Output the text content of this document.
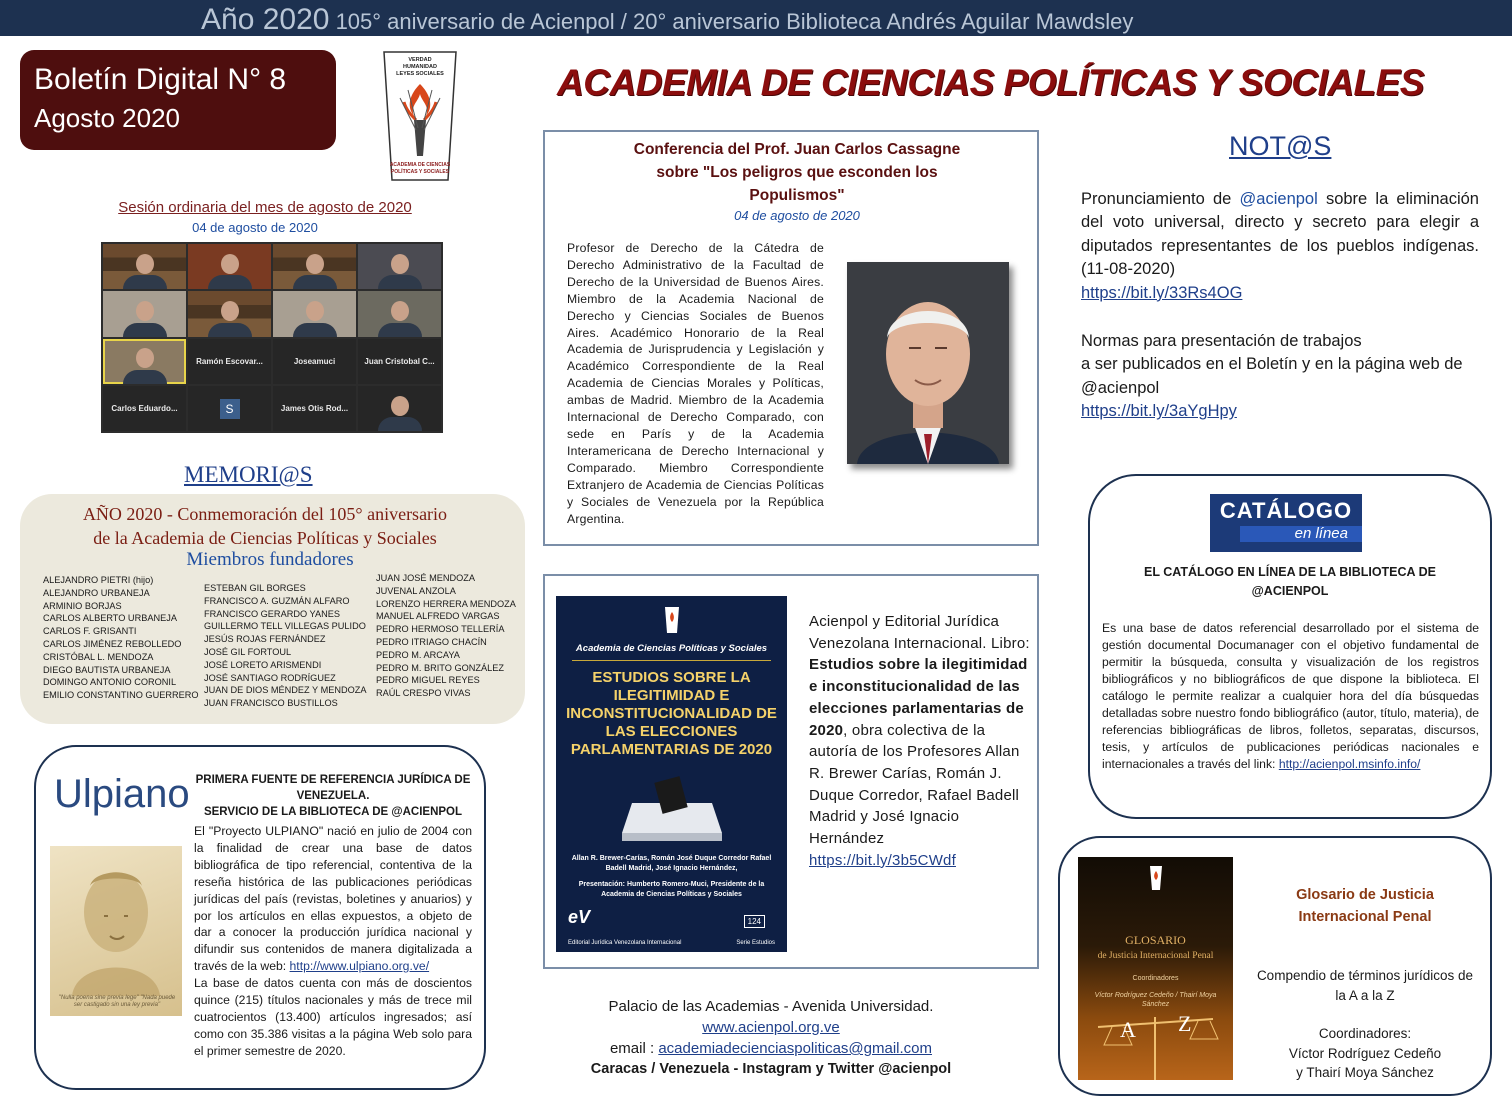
Año 2020 105° aniversario de Acienpol / 20° aniversario Biblioteca Andrés Aguilar Mawdsley
Boletín Digital N° 8
Agosto 2020
VERDAD
HUMANIDAD
LEYES SOCIALES
ACADEMIA DE CIENCIAS
POLÍTICAS Y SOCIALES
ACADEMIA DE CIENCIAS POLÍTICAS Y SOCIALES
Sesión ordinaria del mes de agosto de 2020
04 de agosto de 2020
Ramón Escovar...	Joseamuci	Juan Cristobal C...
Carlos Eduardo...	S	James Otis Rod...
MEMORI@S
AÑO 2020 - Conmemoración del 105° aniversario
de la Academia de Ciencias Políticas y Sociales
Miembros fundadores
ALEJANDRO PIETRI (hijo)
ALEJANDRO URBANEJA
ARMINIO BORJAS
CARLOS ALBERTO URBANEJA
CARLOS F. GRISANTI
CARLOS JIMÉNEZ REBOLLEDO
CRISTÓBAL L. MENDOZA
DIEGO BAUTISTA URBANEJA
DOMINGO ANTONIO CORONIL
EMILIO CONSTANTINO GUERRERO
ESTEBAN GIL BORGES
FRANCISCO A. GUZMÁN ALFARO
FRANCISCO GERARDO YANES
GUILLERMO TELL VILLEGAS PULIDO
JESÚS ROJAS FERNÁNDEZ
JOSÉ GIL FORTOUL
JOSÉ LORETO ARISMENDI
JOSÉ SANTIAGO RODRÍGUEZ
JUAN DE DIOS MÉNDEZ Y MENDOZA
JUAN FRANCISCO BUSTILLOS
JUAN JOSÉ MENDOZA
JUVENAL ANZOLA
LORENZO HERRERA MENDOZA
MANUEL ALFREDO VARGAS
PEDRO HERMOSO TELLERÍA
PEDRO ITRIAGO CHACÍN
PEDRO M. ARCAYA
PEDRO M. BRITO GONZÁLEZ
PEDRO MIGUEL REYES
RAÚL CRESPO VIVAS
Ulpiano
"Nulla poena sine previa lege" "Nada puede ser castigado sin una ley previa"
PRIMERA FUENTE DE REFERENCIA JURÍDICA DE VENEZUELA.
SERVICIO DE LA BIBLIOTECA DE @ACIENPOL
El "Proyecto ULPIANO" nació en julio de 2004 con la finalidad de crear una base de datos bibliográfica de tipo referencial, contentiva de la reseña histórica de las publicaciones periódicas jurídicas del país (revistas, boletines y anuarios) y por los artículos en ellas expuestos, a objeto de dar a conocer la producción jurídica nacional y difundir sus contenidos de manera digitalizada a través de la web: http://www.ulpiano.org.ve/
La base de datos cuenta con más de doscientos quince (215) títulos nacionales y más de trece mil cuatrocientos (13.400) artículos ingresados; así como con 35.386 visitas a la página Web solo para el primer semestre de 2020.
Conferencia del Prof. Juan Carlos Cassagne sobre "Los peligros que esconden los Populismos"
04 de agosto de 2020
Profesor de Derecho de la Cátedra de Derecho Administrativo de la Facultad de Derecho de la Universidad de Buenos Aires. Miembro de la Academia Nacional de Derecho y Ciencias Sociales de Buenos Aires. Académico Honorario de la Real Academia de Jurisprudencia y Legislación y Académico Correspondiente de la Real Academia de Ciencias Morales y Políticas, ambas de Madrid. Miembro de la Academia Internacional de Derecho Comparado, con sede en París y de la Academia Interamericana de Derecho Internacional y Comparado. Miembro Correspondiente Extranjero de Academia de Ciencias Políticas y Sociales de Venezuela por la República Argentina.
Academia de Ciencias Políticas y Sociales
ESTUDIOS SOBRE LA ILEGITIMIDAD E INCONSTITUCIONALIDAD DE LAS ELECCIONES PARLAMENTARIAS DE 2020
Allan R. Brewer-Carías, Román José Duque Corredor Rafael Badell Madrid, José Ignacio Hernández,
Presentación: Humberto Romero-Muci, Presidente de la Academia de Ciencias Políticas y Sociales
eV
Editorial Jurídica Venezolana Internacional
124
Serie Estudios
Acienpol y Editorial Jurídica Venezolana Internacional. Libro: Estudios sobre la ilegitimidad e inconstitucionalidad de las elecciones parlamentarias de 2020, obra colectiva de la autoría de los Profesores Allan R. Brewer Carías, Román J. Duque Corredor, Rafael Badell Madrid y José Ignacio Hernández https://bit.ly/3b5CWdf
Palacio de las Academias - Avenida Universidad.
www.acienpol.org.ve
email : academiadecienciaspoliticas@gmail.com
Caracas / Venezuela - Instagram y Twitter @acienpol
NOT@S
Pronunciamiento de @acienpol sobre la eliminación del voto universal, directo y secreto para elegir a diputados representantes de los pueblos indígenas. (11-08-2020)
https://bit.ly/33Rs4OG
Normas para presentación de trabajos
a ser publicados en el Boletín y en la página web de @acienpol
https://bit.ly/3aYgHpy
CATÁLOGO
en línea
EL CATÁLOGO EN LÍNEA DE LA BIBLIOTECA DE @ACIENPOL
Es una base de datos referencial desarrollado por el sistema de gestión documental Documanager con el objetivo fundamental de permitir la búsqueda, consulta y visualización de los registros bibliográficos y no bibliográficos de que dispone la biblioteca. El catálogo le permite realizar a cualquier hora del día búsquedas detalladas sobre nuestro fondo bibliográfico (autor, título, materia), de referencias bibliográficas de libros, folletos, separatas, discursos, tesis, y artículos de publicaciones periódicas nacionales e internacionales a través del link: http://acienpol.msinfo.info/
GLOSARIO
de Justicia Internacional Penal
Coordinadores
Víctor Rodríguez Cedeño / Thairí Moya Sánchez
A Z
Glosario de Justicia Internacional Penal
Compendio de términos jurídicos de la A a la Z
Coordinadores:
Víctor Rodríguez Cedeño
y Thairí Moya Sánchez
